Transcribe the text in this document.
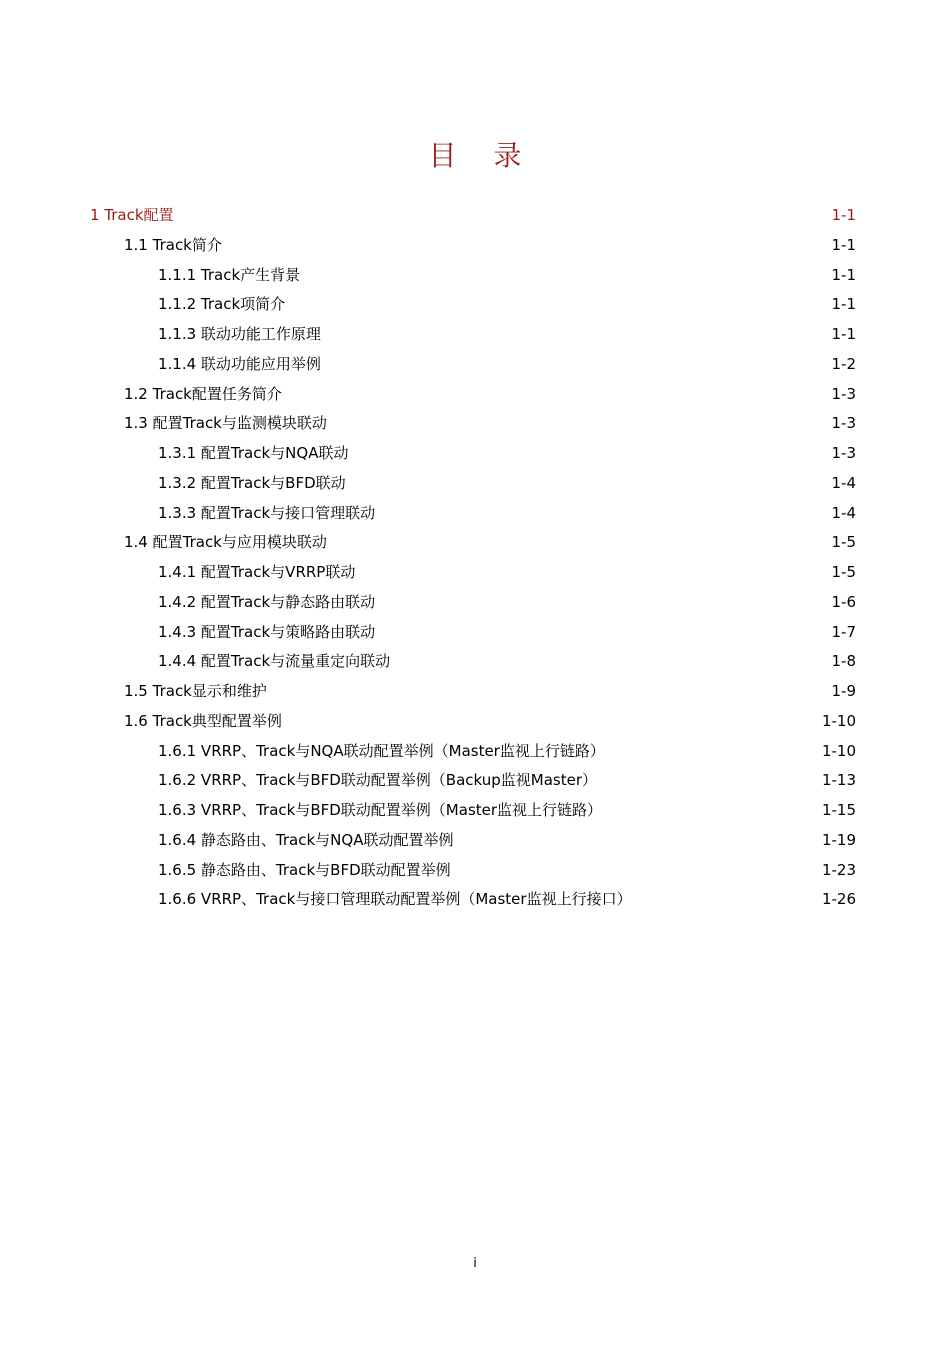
目 录
1 Track配置	1-1
1.1 Track简介	1-1
1.1.1 Track产生背景	1-1
1.1.2 Track项简介	1-1
1.1.3 联动功能工作原理	1-1
1.1.4 联动功能应用举例	1-2
1.2 Track配置任务简介	1-3
1.3 配置Track与监测模块联动	1-3
1.3.1 配置Track与NQA联动	1-3
1.3.2 配置Track与BFD联动	1-4
1.3.3 配置Track与接口管理联动	1-4
1.4 配置Track与应用模块联动	1-5
1.4.1 配置Track与VRRP联动	1-5
1.4.2 配置Track与静态路由联动	1-6
1.4.3 配置Track与策略路由联动	1-7
1.4.4 配置Track与流量重定向联动	1-8
1.5 Track显示和维护	1-9
1.6 Track典型配置举例	1-10
1.6.1 VRRP、Track与NQA联动配置举例（Master监视上行链路）	1-10
1.6.2 VRRP、Track与BFD联动配置举例（Backup监视Master）	1-13
1.6.3 VRRP、Track与BFD联动配置举例（Master监视上行链路）	1-15
1.6.4 静态路由、Track与NQA联动配置举例	1-19
1.6.5 静态路由、Track与BFD联动配置举例	1-23
1.6.6 VRRP、Track与接口管理联动配置举例（Master监视上行接口）	1-26
i
